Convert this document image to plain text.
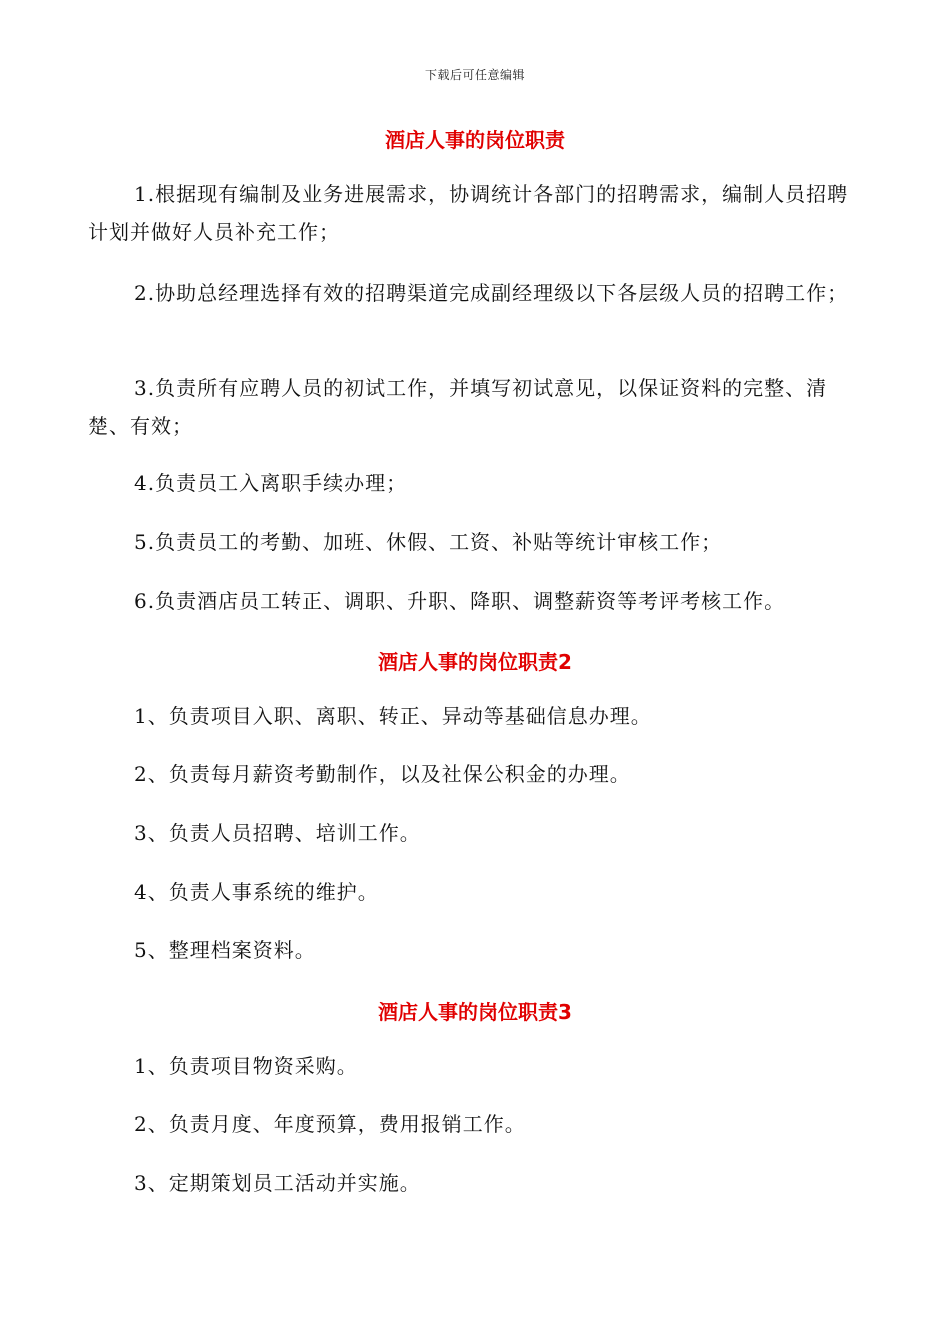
下载后可任意编辑
酒店人事的岗位职责
1.根据现有编制及业务进展需求，协调统计各部门的招聘需求，编制人员招聘计划并做好人员补充工作；
2.协助总经理选择有效的招聘渠道完成副经理级以下各层级人员的招聘工作；
3.负责所有应聘人员的初试工作，并填写初试意见，以保证资料的完整、清楚、有效；
4.负责员工入离职手续办理；
5.负责员工的考勤、加班、休假、工资、补贴等统计审核工作；
6.负责酒店员工转正、调职、升职、降职、调整薪资等考评考核工作。
酒店人事的岗位职责2
1、负责项目入职、离职、转正、异动等基础信息办理。
2、负责每月薪资考勤制作，以及社保公积金的办理。
3、负责人员招聘、培训工作。
4、负责人事系统的维护。
5、整理档案资料。
酒店人事的岗位职责3
1、负责项目物资采购。
2、负责月度、年度预算，费用报销工作。
3、定期策划员工活动并实施。
